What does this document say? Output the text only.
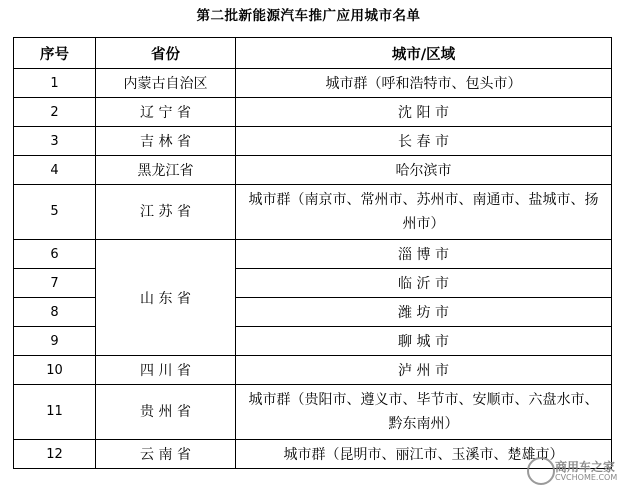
第二批新能源汽车推广应用城市名单
序号	省份	城市/区域
1	内蒙古自治区	城市群（呼和浩特市、包头市）
2	辽 宁 省	沈 阳 市
3	吉 林 省	长 春 市
4	黑龙江省	哈尔滨市
5	江 苏 省	城市群（南京市、常州市、苏州市、南通市、盐城市、扬州市）
6	山 东 省	淄 博 市
7		临 沂 市
8		潍 坊 市
9		聊 城 市
10	四 川 省	泸 州 市
11	贵 州 省	城市群（贵阳市、遵义市、毕节市、安顺市、六盘水市、黔东南州）
12	云 南 省	城市群（昆明市、丽江市、玉溪市、楚雄市）
商用车之家
CVCHOME.COM
